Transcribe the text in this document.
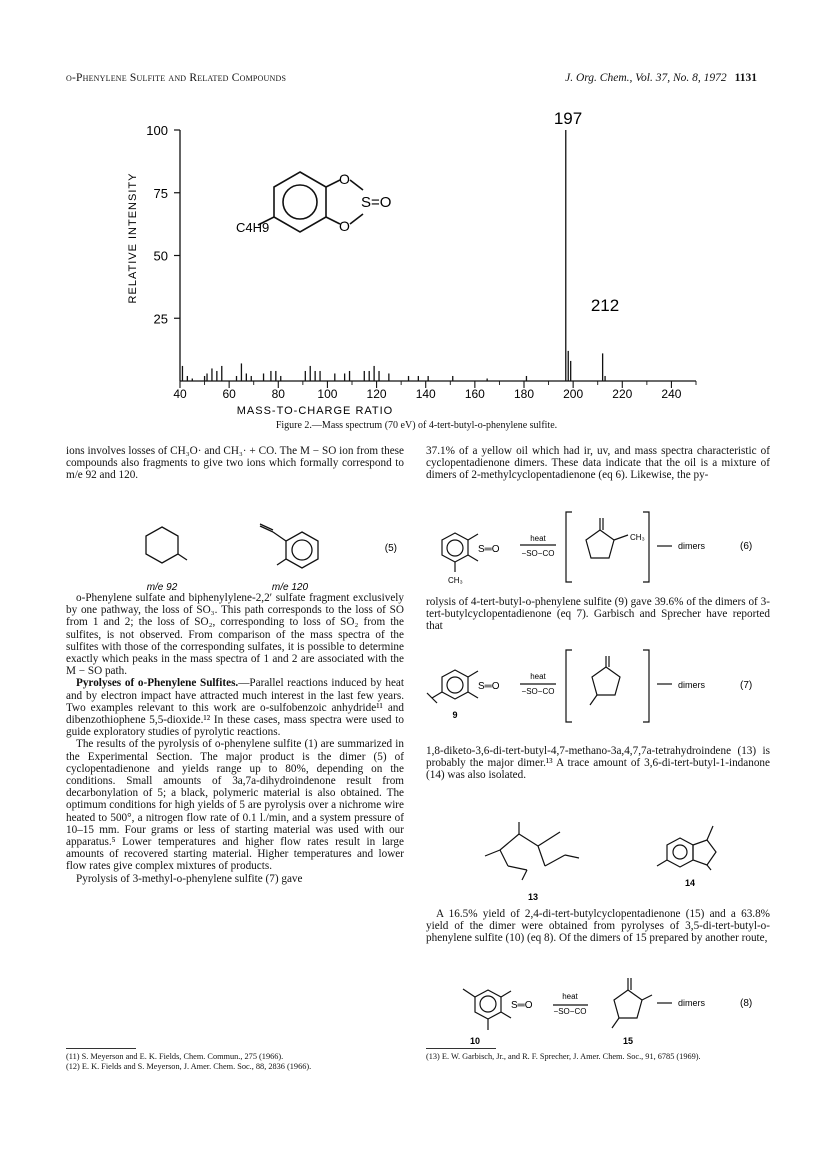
o-Phenylene Sulfite and Related Compounds	J. Org. Chem., Vol. 37, No. 8, 1972 1131
25
50
75
100
40	60	80	100 120 140 160 180 200 220 240
RELATIVE INTENSITY
MASS-TO-CHARGE RATIO
197
212
O
O
S=O
C4H9
Figure 2.—Mass spectrum (70 eV) of 4-tert-butyl-o-phenylene sulfite.

ions involves losses of CH₃O· and CH₃· + CO. The M − SO ion from these compounds also fragments to give two ions which formally correspond to m/e 92 and 120.

m/e 92	m/e 120
(5)

o-Phenylene sulfate and biphenylylene-2,2′ sulfate fragment exclusively by one pathway, the loss of SO₃. This path corresponds to the loss of SO from 1 and 2; the loss of SO₂, corresponding to loss of SO₂ from the sulfites, is not observed. From comparison of the mass spectra of the sulfites with those of the corresponding sulfates, it is possible to determine exactly which peaks in the mass spectra of 1 and 2 are associated with the M − SO path.

Pyrolyses of o-Phenylene Sulfites.—Parallel reactions induced by heat and by electron impact have attracted much interest in the last few years. Two examples relevant to this work are o-sulfobenzoic anhydride¹¹ and dibenzothiophene 5,5-dioxide.¹² In these cases, mass spectra were used to guide exploratory studies of pyrolytic reactions.

The results of the pyrolysis of o-phenylene sulfite (1) are summarized in the Experimental Section. The major product is the dimer (5) of cyclopentadienone and yields range up to 80%, depending on the conditions. Small amounts of 3a,7a-dihydroindenone result from decarbonylation of 5; a black, polymeric material is also obtained. The optimum conditions for high yields of 5 are pyrolysis over a nichrome wire heated to 500°, a nitrogen flow rate of 0.1 l./min, and a system pressure of 10–15 mm. Four grams or less of starting material was used with our apparatus.⁵ Lower temperatures and higher flow rates result in large amounts of recovered starting material. Higher temperatures and lower flow rates give complex mixtures of products.

Pyrolysis of 3-methyl-o-phenylene sulfite (7) gave

(11) S. Meyerson and E. K. Fields, Chem. Commun., 275 (1966).
(12) E. K. Fields and S. Meyerson, J. Amer. Chem. Soc., 88, 2836 (1966).

37.1% of a yellow oil which had ir, uv, and mass spectra characteristic of cyclopentadienone dimers. These data indicate that the oil is a mixture of dimers of 2-methylcyclopentadienone (eq 6). Likewise, the py-

S═O
heat
−SO−CO
CH₃
CH₃
dimers	(6)
S═O
heat
−SO−CO
dimers	(7)
9

rolysis of 4-tert-butyl-o-phenylene sulfite (9) gave 39.6% of the dimers of 3-tert-butylcyclopentadienone (eq 7). Garbisch and Sprecher have reported that

1,8-diketo-3,6-di-tert-butyl-4,7-methano-3a,4,7,7a-tetrahydroindene (13) is probably the major dimer.¹³ A trace amount of 3,6-di-tert-butyl-1-indanone (14) was also isolated.

13
14

A 16.5% yield of 2,4-di-tert-butylcyclopentadienone (15) and a 63.8% yield of the dimer were obtained from pyrolyses of 3,5-di-tert-butyl-o-phenylene sulfite (10) (eq 8). Of the dimers of 15 prepared by another route,

S═O
heat
−SO−CO
dimers	(8)
10	15
(13) E. W. Garbisch, Jr., and R. F. Sprecher, J. Amer. Chem. Soc., 91, 6785 (1969).
